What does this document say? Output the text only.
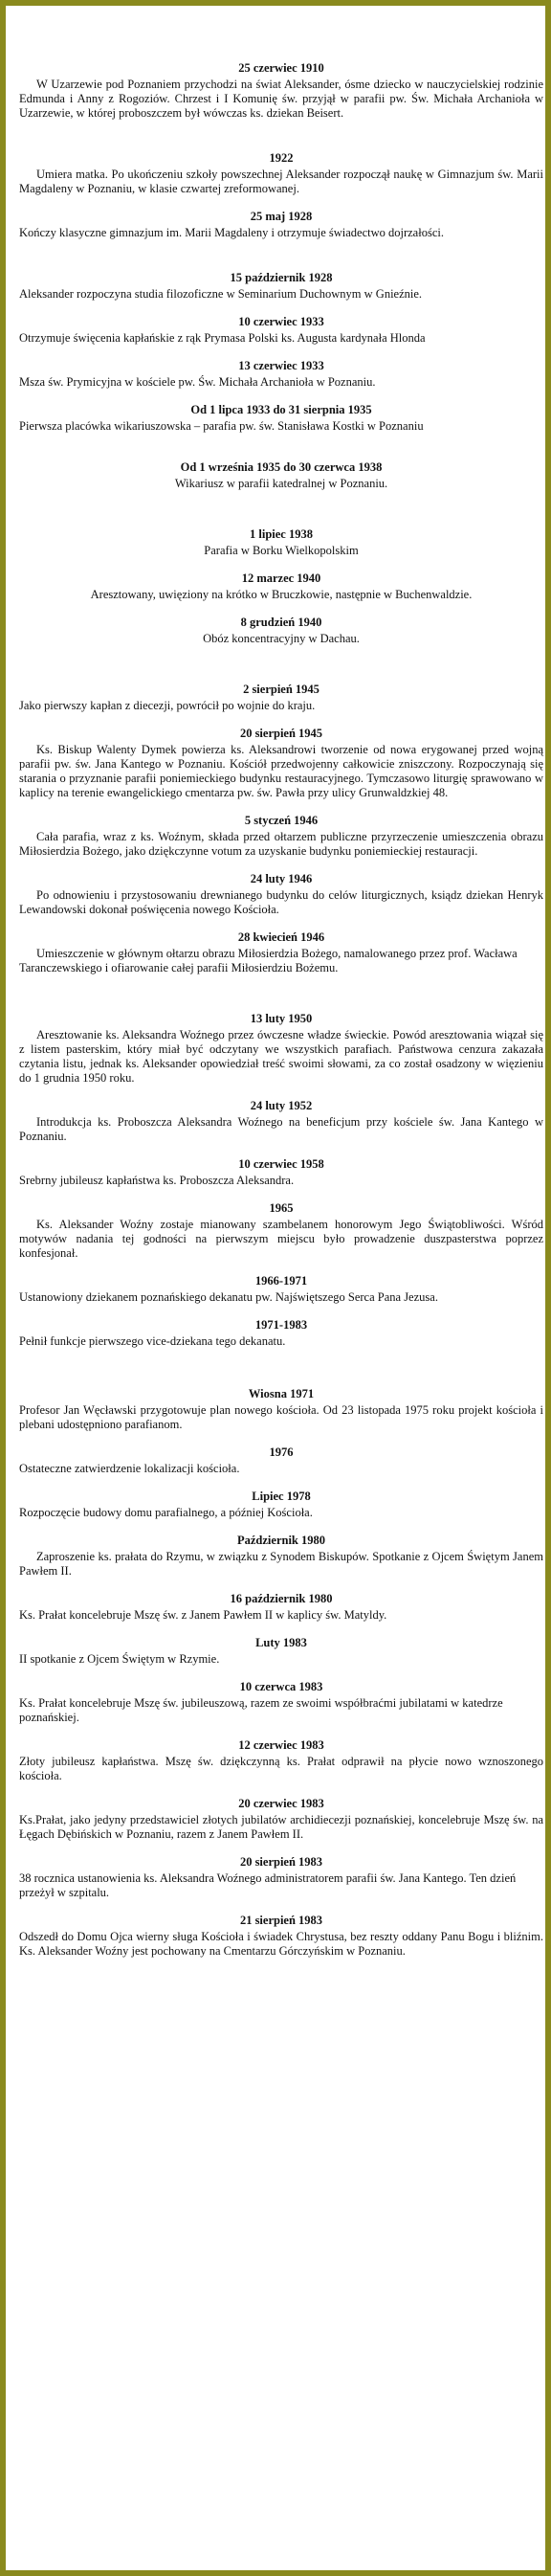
25 czerwiec 1910
W Uzarzewie pod Poznaniem przychodzi na świat Aleksander, ósme dziecko w nauczycielskiej rodzinie Edmunda i Anny z Rogoziów. Chrzest i I Komunię św. przyjął w parafii pw. Św. Michała Archanioła w Uzarzewie, w której proboszczem był wówczas ks. dziekan Beisert.
1922
Umiera matka. Po ukończeniu szkoły powszechnej Aleksander rozpoczął naukę w Gimnazjum św. Marii Magdaleny w Poznaniu, w klasie czwartej zreformowanej.
25 maj 1928
Kończy klasyczne gimnazjum im. Marii Magdaleny i otrzymuje świadectwo dojrzałości.
15 październik 1928
Aleksander rozpoczyna studia filozoficzne w Seminarium Duchownym w Gnieźnie.
10 czerwiec 1933
Otrzymuje święcenia kapłańskie z rąk Prymasa Polski ks. Augusta kardynała Hlonda
13 czerwiec 1933
Msza św. Prymicyjna w kościele pw. Św. Michała Archanioła w Poznaniu.
Od 1 lipca 1933 do 31 sierpnia 1935
Pierwsza placówka wikariuszowska – parafia pw. św. Stanisława Kostki w Poznaniu
Od 1 września 1935 do 30 czerwca 1938
Wikariusz w parafii katedralnej w Poznaniu.
1 lipiec 1938
Parafia w Borku Wielkopolskim
12 marzec 1940
Aresztowany, uwięziony na krótko w Bruczkowie, następnie w Buchenwaldzie.
8 grudzień 1940
Obóz koncentracyjny w Dachau.
2 sierpień 1945
Jako pierwszy kapłan z diecezji, powrócił po wojnie do kraju.
20 sierpień 1945
Ks. Biskup Walenty Dymek powierza ks. Aleksandrowi tworzenie od nowa erygowanej przed wojną parafii pw. św. Jana Kantego w Poznaniu. Kościół przedwojenny całkowicie zniszczony. Rozpoczynają się starania o przyznanie parafii poniemieckiego budynku restauracyjnego. Tymczasowo liturgię sprawowano w kaplicy na terenie ewangelickiego cmentarza pw. św. Pawła przy ulicy Grunwaldzkiej 48.
5 styczeń 1946
Cała parafia, wraz z ks. Woźnym, składa przed ołtarzem publiczne przyrzeczenie umieszczenia obrazu Miłosierdzia Bożego, jako dziękczynne votum za uzyskanie budynku poniemieckiej restauracji.
24 luty 1946
Po odnowieniu i przystosowaniu drewnianego budynku do celów liturgicznych, ksiądz dziekan Henryk Lewandowski dokonał poświęcenia nowego Kościoła.
28 kwiecień 1946
Umieszczenie w głównym ołtarzu obrazu Miłosierdzia Bożego, namalowanego przez prof. Wacława Taranczewskiego i ofiarowanie całej parafii Miłosierdziu Bożemu.
13 luty 1950
Aresztowanie ks. Aleksandra Woźnego przez ówczesne władze świeckie. Powód aresztowania wiązał się z listem pasterskim, który miał być odczytany we wszystkich parafiach. Państwowa cenzura zakazała czytania listu, jednak ks. Aleksander opowiedział treść swoimi słowami, za co został osadzony w więzieniu do 1 grudnia 1950 roku.
24 luty 1952
Introdukcja ks. Proboszcza Aleksandra Woźnego na beneficjum przy kościele św. Jana Kantego w Poznaniu.
10 czerwiec 1958
Srebrny jubileusz kapłaństwa ks. Proboszcza Aleksandra.
1965
Ks. Aleksander Woźny zostaje mianowany szambelanem honorowym Jego Świątobliwości. Wśród motywów nadania tej godności na pierwszym miejscu było prowadzenie duszpasterstwa poprzez konfesjonał.
1966-1971
Ustanowiony dziekanem poznańskiego dekanatu pw. Najświętszego Serca Pana Jezusa.
1971-1983
Pełnił funkcje pierwszego vice-dziekana tego dekanatu.
Wiosna 1971
Profesor Jan Węcławski przygotowuje plan nowego kościoła. Od 23 listopada 1975 roku projekt kościoła i plebani udostępniono parafianom.
1976
Ostateczne zatwierdzenie lokalizacji kościoła.
Lipiec 1978
Rozpoczęcie budowy domu parafialnego, a później Kościoła.
Październik 1980
Zaproszenie ks. prałata do Rzymu, w związku z Synodem Biskupów. Spotkanie z Ojcem Świętym Janem Pawłem II.
16 październik 1980
Ks. Prałat koncelebruje Mszę św. z Janem Pawłem II w kaplicy św. Matyldy.
Luty 1983
II spotkanie z Ojcem Świętym w Rzymie.
10 czerwca 1983
Ks. Prałat koncelebruje Mszę św. jubileuszową, razem ze swoimi współbraćmi jubilatami w katedrze poznańskiej.
12 czerwiec 1983
Złoty jubileusz kapłaństwa. Mszę św. dziękczynną ks. Prałat odprawił na płycie nowo wznoszonego kościoła.
20 czerwiec 1983
Ks.Prałat, jako jedyny przedstawiciel złotych jubilatów archidiecezji poznańskiej, koncelebruje Mszę św. na Łęgach Dębińskich w Poznaniu, razem z Janem Pawłem II.
20 sierpień 1983
38 rocznica ustanowienia ks. Aleksandra Woźnego administratorem parafii św. Jana Kantego. Ten dzień przeżył w szpitalu.
21 sierpień 1983
Odszedł do Domu Ojca wierny sługa Kościoła i świadek Chrystusa, bez reszty oddany Panu Bogu i bliźnim. Ks. Aleksander Woźny jest pochowany na Cmentarzu Górczyńskim w Poznaniu.
